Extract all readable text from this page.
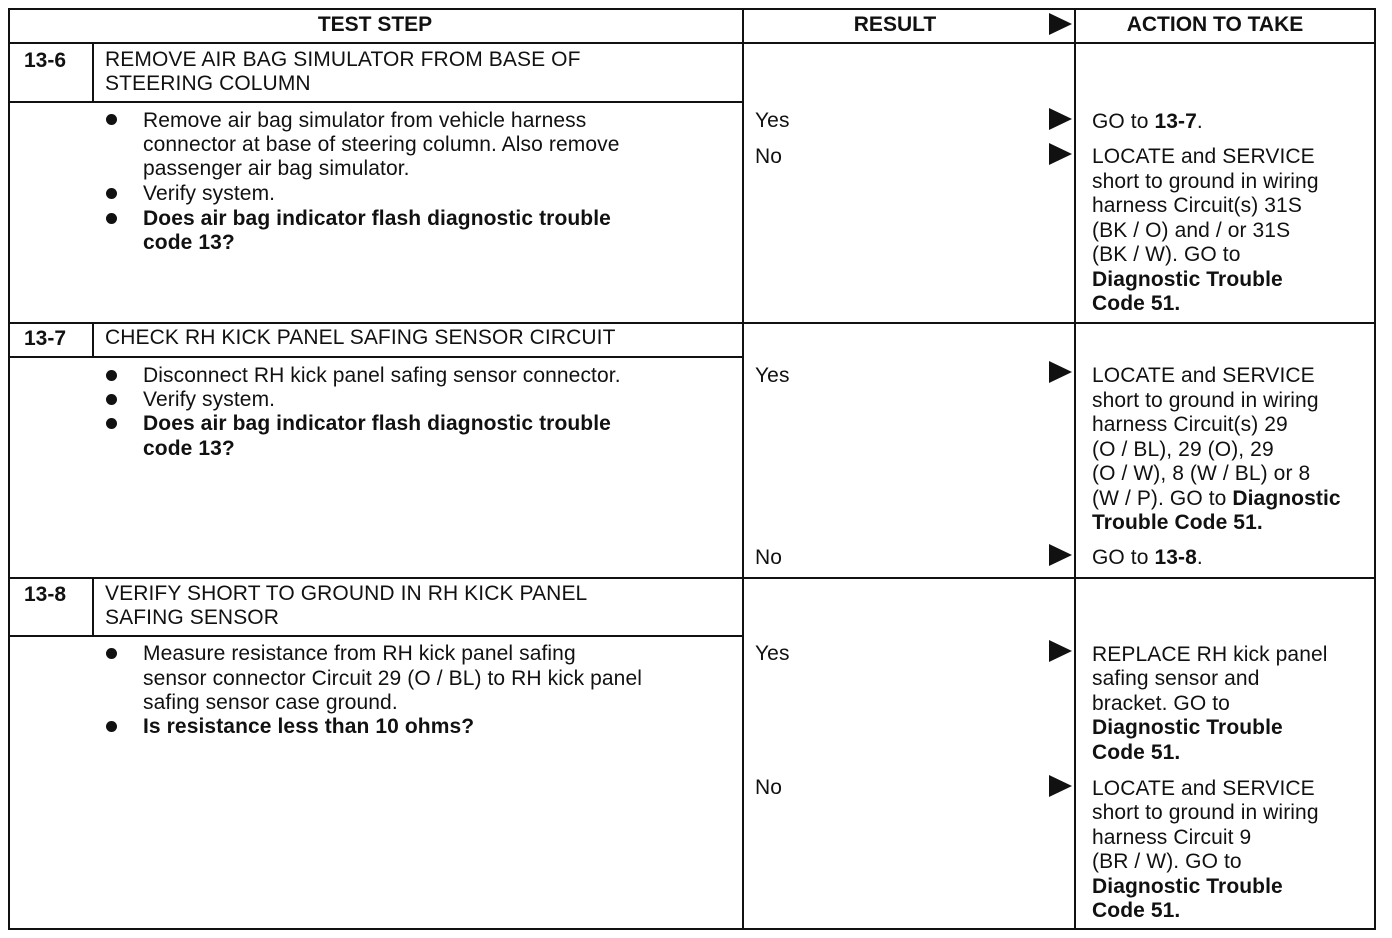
TEST STEP	RESULT	ACTION TO TAKE
13-6 REMOVE AIR BAG SIMULATOR FROM BASE OF
STEERING COLUMN
Remove air bag simulator from vehicle harness
connector at base of steering column. Also remove
passenger air bag simulator.
Verify system.
Does air bag indicator flash diagnostic trouble
code 13?
Yes	GO to 13-7.
No	LOCATE and SERVICE
short to ground in wiring
harness Circuit(s) 31S
(BK / O) and / or 31S
(BK / W). GO to
Diagnostic Trouble
Code 51.
13-7 CHECK RH KICK PANEL SAFING SENSOR CIRCUIT
Disconnect RH kick panel safing sensor connector.
Verify system.
Does air bag indicator flash diagnostic trouble
code 13?
Yes	LOCATE and SERVICE
short to ground in wiring
harness Circuit(s) 29
(O / BL), 29 (O), 29
(O / W), 8 (W / BL) or 8
(W / P). GO to Diagnostic
Trouble Code 51.
No	GO to 13-8.
13-8 VERIFY SHORT TO GROUND IN RH KICK PANEL
SAFING SENSOR
Measure resistance from RH kick panel safing
sensor connector Circuit 29 (O / BL) to RH kick panel
safing sensor case ground.
Is resistance less than 10 ohms?
Yes	REPLACE RH kick panel
safing sensor and
bracket. GO to
Diagnostic Trouble
Code 51.
No	LOCATE and SERVICE
short to ground in wiring
harness Circuit 9
(BR / W). GO to
Diagnostic Trouble
Code 51.
